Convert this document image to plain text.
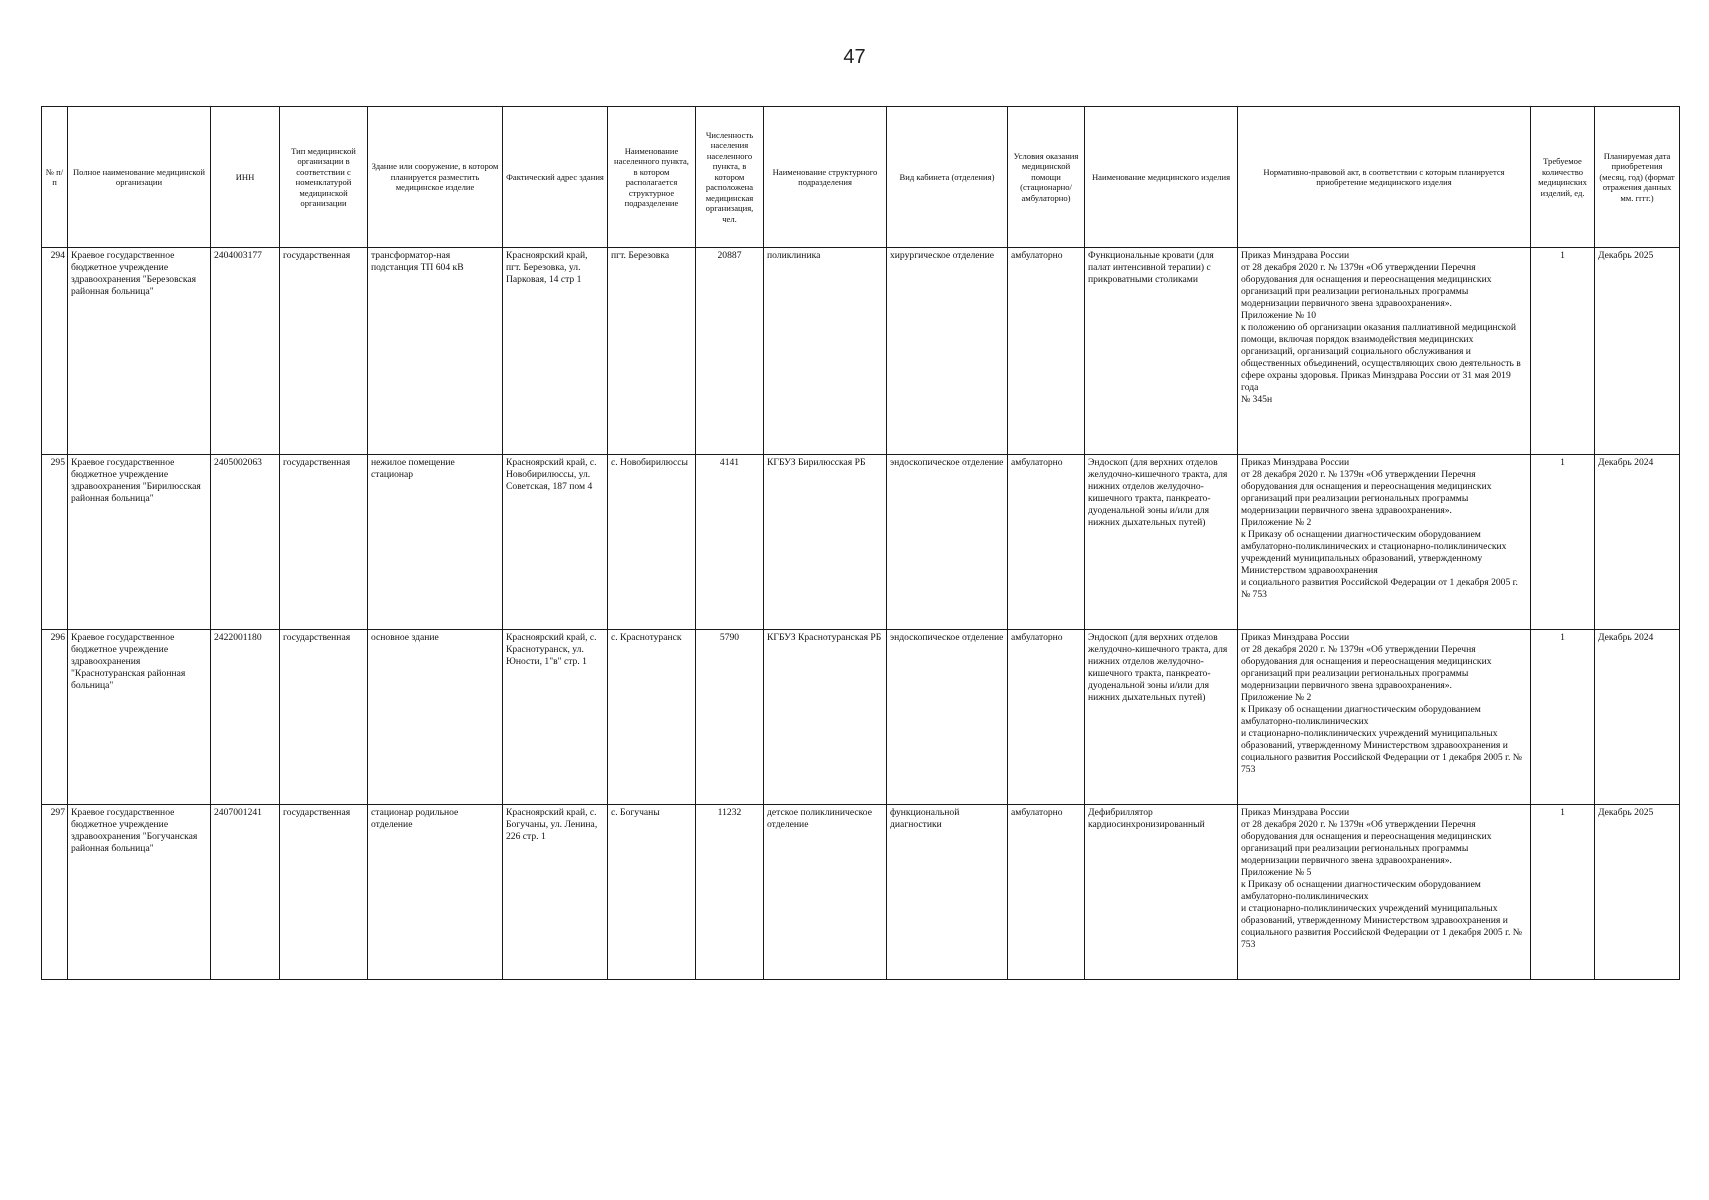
47
№ п/п	Полное наименование медицинской организации	ИНН	Тип медицинской организации в соответствии с номенклатурой медицинской организации	Здание или сооружение, в котором планируется разместить медицинское изделие	Фактический адрес здания	Наименование населенного пункта, в котором располагается структурное подразделение	Численность населения населенного пункта, в котором расположена медицинская организация, чел.	Наименование структурного подразделения	Вид кабинета (отделения)	Условия оказания медицинской помощи (стационарно/ амбулаторно)	Наименование медицинского изделия	Нормативно-правовой акт, в соответствии с которым планируется приобретение медицинского изделия	Требуемое количество медицинских изделий, ед.	Планируемая дата приобретения (месяц, год) (формат отражения данных мм. гггг.)
294	Краевое государственное бюджетное учреждение здравоохранения "Березовская районная больница"	2404003177	государственная	трансформатор-ная подстанция ТП 604 кВ	Красноярский край, пгт. Березовка, ул. Парковая, 14 стр 1	пгт. Березовка	20887	поликлиника	хирургическое отделение	амбулаторно	Функциональные кровати (для палат интенсивной терапии) с прикроватными столиками	Приказ Минздрава России
от 28 декабря 2020 г. № 1379н «Об утверждении Перечня оборудования для оснащения и переоснащения медицинских организаций при реализации региональных программы модернизации первичного звена здравоохранения».
Приложение № 10
к положению об организации оказания паллиативной медицинской помощи, включая порядок взаимодействия медицинских организаций, организаций социального обслуживания и общественных объединений, осуществляющих свою деятельность в сфере охраны здоровья. Приказ Минздрава России от 31 мая 2019 года
№ 345н	1	Декабрь 2025
295	Краевое государственное бюджетное учреждение здравоохранения "Бирилюсская районная больница"	2405002063	государственная	нежилое помещение стационар	Красноярский край, с. Новобирилюссы, ул. Советская, 187 пом 4	с. Новобирилюссы	4141	КГБУЗ Бирилюсская РБ	эндоскопическое отделение	амбулаторно	Эндоскоп (для верхних отделов желудочно-кишечного тракта, для нижних отделов желудочно-кишечного тракта, панкреато-дуоденальной зоны и/или для нижних дыхательных путей)	Приказ Минздрава России
от 28 декабря 2020 г. № 1379н «Об утверждении Перечня оборудования для оснащения и переоснащения медицинских организаций при реализации региональных программы модернизации первичного звена здравоохранения».
Приложение № 2
к Приказу об оснащении диагностическим оборудованием амбулаторно-поликлинических и стационарно-поликлинических учреждений муниципальных образований, утвержденному Министерством здравоохранения
и социального развития Российской Федерации от 1 декабря 2005 г. № 753	1	Декабрь 2024
296	Краевое государственное бюджетное учреждение здравоохранения "Краснотуранская районная больница"	2422001180	государственная	основное здание	Красноярский край, с. Краснотуранск, ул. Юности, 1"в" стр. 1	с. Краснотуранск	5790	КГБУЗ Краснотуранская РБ	эндоскопическое отделение	амбулаторно	Эндоскоп (для верхних отделов желудочно-кишечного тракта, для нижних отделов желудочно-кишечного тракта, панкреато-дуоденальной зоны и/или для нижних дыхательных путей)	Приказ Минздрава России
от 28 декабря 2020 г. № 1379н «Об утверждении Перечня оборудования для оснащения и переоснащения медицинских организаций при реализации региональных программы модернизации первичного звена здравоохранения».
Приложение № 2
к Приказу об оснащении диагностическим оборудованием амбулаторно-поликлинических
и стационарно-поликлинических учреждений муниципальных образований, утвержденному Министерством здравоохранения и социального развития Российской Федерации от 1 декабря 2005 г. № 753	1	Декабрь 2024
297	Краевое государственное бюджетное учреждение здравоохранения "Богучанская районная больница"	2407001241	государственная	стационар родильное отделение	Красноярский край, с. Богучаны, ул. Ленина, 226 стр. 1	с. Богучаны	11232	детское поликлиническое отделение	функциональной диагностики	амбулаторно	Дефибриллятор кардиосинхронизированный	Приказ Минздрава России
от 28 декабря 2020 г. № 1379н «Об утверждении Перечня оборудования для оснащения и переоснащения медицинских организаций при реализации региональных программы модернизации первичного звена здравоохранения».
Приложение № 5
к Приказу об оснащении диагностическим оборудованием амбулаторно-поликлинических
и стационарно-поликлинических учреждений муниципальных образований, утвержденному Министерством здравоохранения и социального развития Российской Федерации от 1 декабря 2005 г. № 753	1	Декабрь 2025
